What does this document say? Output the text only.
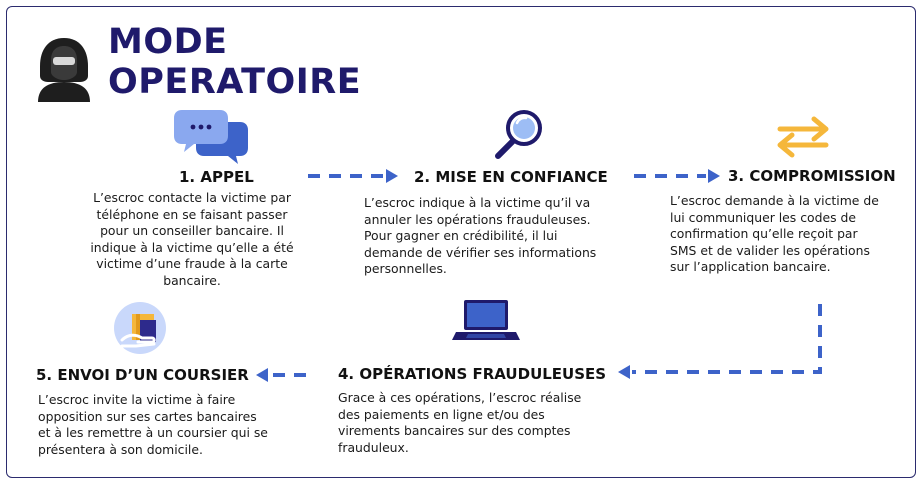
MODE
OPERATOIRE
1. APPEL
L’escroc contacte la victime par
téléphone en se faisant passer
pour un conseiller bancaire. Il
indique à la victime qu’elle a été
victime d’une fraude à la carte
bancaire.
2. MISE EN CONFIANCE
L’escroc indique à la victime qu’il va
annuler les opérations frauduleuses.
Pour gagner en crédibilité, il lui
demande de vérifier ses informations
personnelles.
3. COMPROMISSION
L’escroc demande à la victime de
lui communiquer les codes de
confirmation qu’elle reçoit par
SMS et de valider les opérations
sur l’application bancaire.
4. OPÉRATIONS FRAUDULEUSES
Grace à ces opérations, l’escroc réalise
des paiements en ligne et/ou des
virements bancaires sur des comptes
frauduleux.
5. ENVOI D’UN COURSIER
L’escroc invite la victime à faire
opposition sur ses cartes bancaires
et à les remettre à un coursier qui se
présentera à son domicile.
